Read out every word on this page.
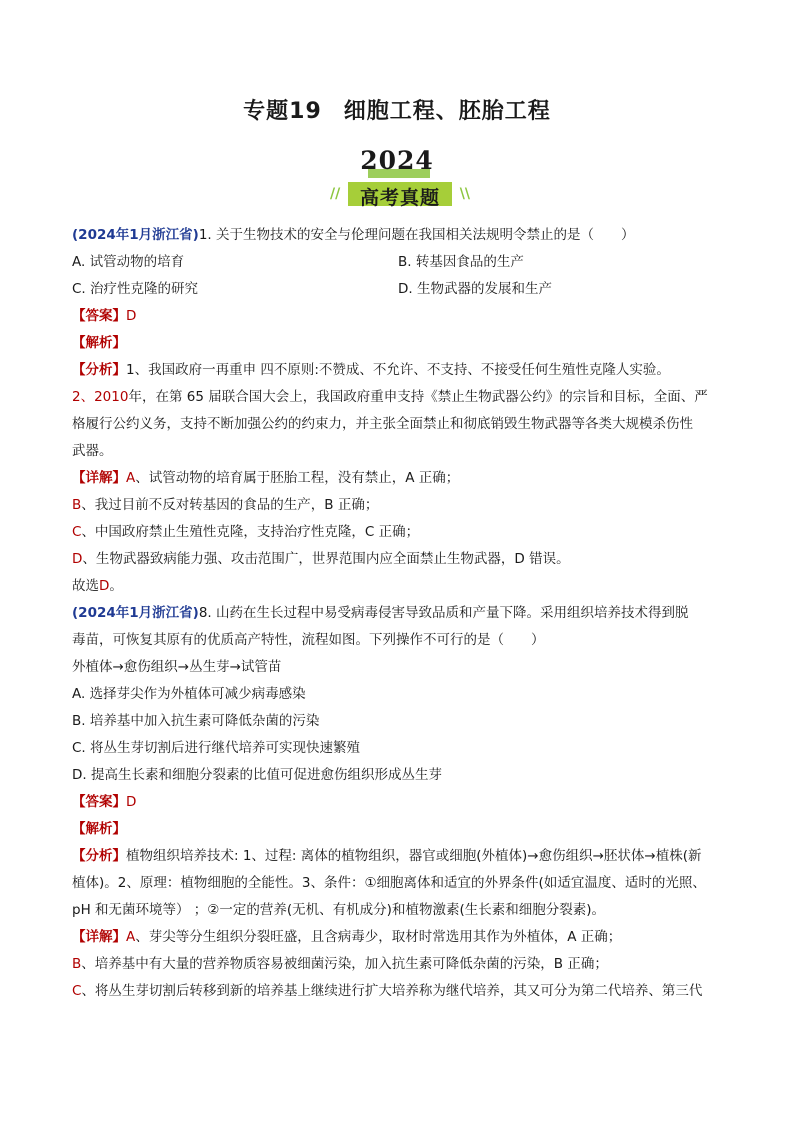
专题19 细胞工程、胚胎工程
2024
//	高考真题	\\
(2024年1月浙江省)1. 关于生物技术的安全与伦理问题在我国相关法规明令禁止的是（　　）
A. 试管动物的培育	B. 转基因食品的生产
C. 治疗性克隆的研究	D. 生物武器的发展和生产
【答案】D
【解析】
【分析】1、我国政府一再重申 四不原则:不赞成、不允许、不支持、不接受任何生殖性克隆人实验。
2、2010年，在第 65 届联合国大会上，我国政府重申支持《禁止生物武器公约》的宗旨和目标，全面、严
格履行公约义务，支持不断加强公约的约束力，并主张全面禁止和彻底销毁生物武器等各类大规模杀伤性
武器。
【详解】A、试管动物的培育属于胚胎工程，没有禁止，A 正确；
B、我过目前不反对转基因的食品的生产，B 正确；
C、中国政府禁止生殖性克隆，支持治疗性克隆，C 正确；
D、生物武器致病能力强、攻击范围广，世界范围内应全面禁止生物武器，D 错误。
故选D。
(2024年1月浙江省)8. 山药在生长过程中易受病毒侵害导致品质和产量下降。采用组织培养技术得到脱
毒苗，可恢复其原有的优质高产特性，流程如图。下列操作不可行的是（　　）
外植体→愈伤组织→丛生芽→试管苗
A. 选择芽尖作为外植体可减少病毒感染
B. 培养基中加入抗生素可降低杂菌的污染
C. 将丛生芽切割后进行继代培养可实现快速繁殖
D. 提高生长素和细胞分裂素的比值可促进愈伤组织形成丛生芽
【答案】D
【解析】
【分析】植物组织培养技术: 1、过程: 离体的植物组织，器官或细胞(外植体)→愈伤组织→胚状体→植株(新
植体)。2、原理：植物细胞的全能性。3、条件：①细胞离体和适宜的外界条件(如适宜温度、适时的光照、
pH 和无菌环境等） ；②一定的营养(无机、有机成分)和植物激素(生长素和细胞分裂素)。
【详解】A、芽尖等分生组织分裂旺盛，且含病毒少，取材时常选用其作为外植体，A 正确；
B、培养基中有大量的营养物质容易被细菌污染，加入抗生素可降低杂菌的污染，B 正确；
C、将丛生芽切割后转移到新的培养基上继续进行扩大培养称为继代培养，其又可分为第二代培养、第三代
